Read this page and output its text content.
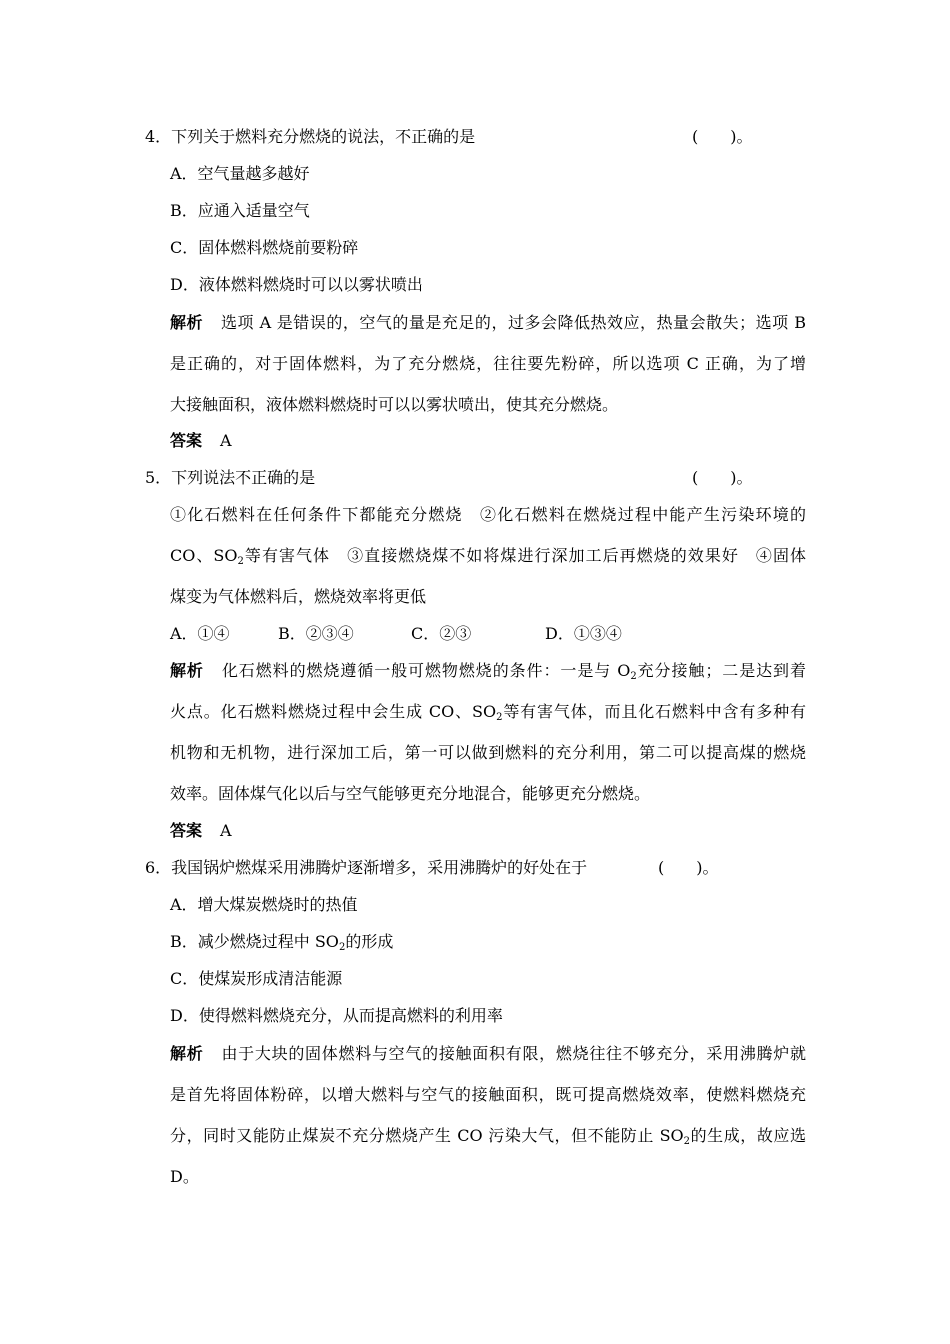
4．下列关于燃料充分燃烧的说法，不正确的是	(　　)。
A．空气量越多越好
B．应通入适量空气
C．固体燃料燃烧前要粉碎
D．液体燃料燃烧时可以以雾状喷出
解析 选项 A 是错误的，空气的量是充足的，过多会降低热效应，热量会散失；选项 B
是正确的，对于固体燃料，为了充分燃烧，往往要先粉碎，所以选项 C 正确，为了增
大接触面积，液体燃料燃烧时可以以雾状喷出，使其充分燃烧。
答案 A
5．下列说法不正确的是	(　　)。
①化石燃料在任何条件下都能充分燃烧　②化石燃料在燃烧过程中能产生污染环境的
CO、$SO_2$等有害气体　③直接燃烧煤不如将煤进行深加工后再燃烧的效果好　④固体
煤变为气体燃料后，燃烧效率将更低
A．①④	B．②③④	C．②③	D．①③④
解析 化石燃料的燃烧遵循一般可燃物燃烧的条件：一是与 $O_2$充分接触；二是达到着
火点。化石燃料燃烧过程中会生成 CO、$SO_2$等有害气体，而且化石燃料中含有多种有
机物和无机物，进行深加工后，第一可以做到燃料的充分利用，第二可以提高煤的燃烧
效率。固体煤气化以后与空气能够更充分地混合，能够更充分燃烧。
答案 A
6．我国锅炉燃煤采用沸腾炉逐渐增多，采用沸腾炉的好处在于	(　　)。
A．增大煤炭燃烧时的热值
B．减少燃烧过程中 $SO_2$的形成
C．使煤炭形成清洁能源
D．使得燃料燃烧充分，从而提高燃料的利用率
解析 由于大块的固体燃料与空气的接触面积有限，燃烧往往不够充分，采用沸腾炉就
是首先将固体粉碎，以增大燃料与空气的接触面积，既可提高燃烧效率，使燃料燃烧充
分，同时又能防止煤炭不充分燃烧产生 CO 污染大气，但不能防止 $SO_2$的生成，故应选
D。
